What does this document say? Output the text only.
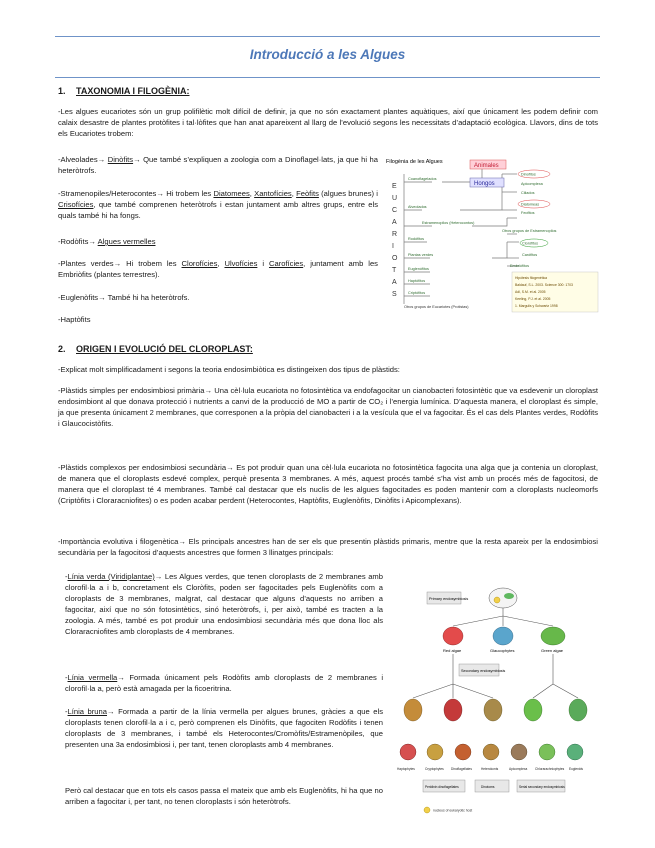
Introducció a les Algues
1. TAXONOMIA I FILOGÈNIA:
-Les algues eucariotes són un grup polifilètic molt difícil de definir, ja que no són exactament plantes aquàtiques, així que únicament les podem definir com calaix desastre de plantes protòfites i tal·lòfites que han anat apareixent al llarg de l’evolució segons les necessitats d’adaptació ecològica. Llavors, dins de tots els Eucariotes trobem:
-Alveolades→ Dinòfits→ Que també s’expliquen a zoologia com a Dinoflagel·lats, ja que hi ha heteròtrofs.
-Stramenopiles/Heterocontes→ Hi trobem les Diatomees, Xantofícies, Feòfits (algues brunes) i Crisofícies, que també comprenen heteròtrofs i estan juntament amb altres grups, entre els quals també hi ha fongs.
-Rodòfits→ Algues vermelles
-Plantes verdes→ Hi trobem les Clorofícies, Ulvofícies i Carofícies, juntament amb les Embriòfits (plantes terrestres).
-Euglenòfits→ També hi ha heteròtrofs.
-Haptòfits
Filogènia de les Algues
E
U
C
A
R
I
O
T
A
S
Animales
Hongos
Coanoflagelados
Alveolados
Estramenopilos (Heterocontos)
Rodófitos
Plantas verdes
Euglenófitos
Haptófitos
Criptófitos
Dinofitos
Apicomplexa
Ciliados
Diatomeas
Feofitos
Otros grupos de Estramenopilos
Clorófitos
Carófitos
Embriófitos
Otros grupos de Eucariotes (Protistas)
Hipótesis filogenética
Baldauf, S.L. 2003. Science 300: 1703
Adl, S.M. et al. 2005
Keeling, P.J. et al. 2005
1. Margulis y Schwartz 1998
2. ORIGEN I EVOLUCIÓ DEL CLOROPLAST:
-Explicat molt simplificadament i segons la teoria endosimbiòtica es distingeixen dos tipus de plàstids:
-Plàstids simples per endosimbiosi primària→ Una cèl·lula eucariota no fotosintètica va endofagocitar un cianobacteri fotosintètic que va esdevenir un cloroplast endosimbiont al que donava protecció i nutrients a canvi de la producció de MO a partir de CO₂ i l’energia lumínica. D’aquesta manera, el cloroplast és simple, ja que presenta únicament 2 membranes, que corresponen a la pròpia del cianobacteri i a la vesícula que el va fagocitar. És el cas dels Plantes verdes, Rodòfits i Glaucocistòfits.
-Plàstids complexos per endosimbiosi secundària→ Es pot produir quan una cèl·lula eucariota no fotosintètica fagocita una alga que ja contenia un cloroplast, de manera que el cloroplasts esdevé complex, perquè presenta 3 membranes. A més, aquest procés també s’ha vist amb un procés més de fagocitosi, de manera que el cloroplast té 4 membranes. També cal destacar que els nuclis de les algues fagocitades es poden mantenir com a cloroplasts nucleomorfs (Criptòfits i Cloraracniofites) o es poden acabar perdent (Heterocontes, Haptòfits, Euglenòfits, Dinòfits i Apicomplexans).
-Importància evolutiva i filogenètica→ Els principals ancestres han de ser els que presentin plàstids primaris, mentre que la resta apareix per la endosimbiosi secundària per la fagocitosi d’aquests ancestres que formen 3 llinatges principals:
-Línia verda (Viridiplantae)→ Les Algues verdes, que tenen cloroplasts de 2 membranes amb clorofil·la a i b, concretament els Cloròfits, poden ser fagocitades pels Euglenòfits com a cloroplasts de 3 membranes, malgrat, cal destacar que alguns d’aquests no arriben a fagocitar, així que no són fotosintètics, sinó heteròtrofs, i, per això, també es tracten a la zoologia. A més, també es pot produir una endosimbiosi secundària més que dona lloc als Cloraracniofites amb cloroplasts de 4 membranes.
-Línia vermella→ Formada únicament pels Rodòfits amb cloroplasts de 2 membranes i clorofil·la a, però està amagada per la ficoeritrina.
-Línia bruna→ Formada a partir de la línia vermella per algues brunes, gràcies a que els cloroplasts tenen clorofil·la a i c, però comprenen els Dinòfits, que fagociten Rodòfits i tenen cloroplasts de 3 membranes, i també els Heterocontes/Cromòfits/Estramenòpiles, que presenten una 3a endosimbiosi i, per tant, tenen cloroplasts amb 4 membranes.
Però cal destacar que en tots els casos passa el mateix que amb els Euglenòfits, hi ha que no arriben a fagocitar i, per tant, no tenen cloroplasts i són heteròtrofs.
Primary endosymbiosis
Red algae	Glaucophytes	Green algae
Secondary endosymbiosis
Haptophytes	Cryptophytes Dinoflagellates	Heterokonts	Apicomplexa Chlorarachniophytes Euglenids
Peridinin dinoflagellates	Dinotoms	Serial secondary endosymbiosis
nucleus of eukaryotic host
